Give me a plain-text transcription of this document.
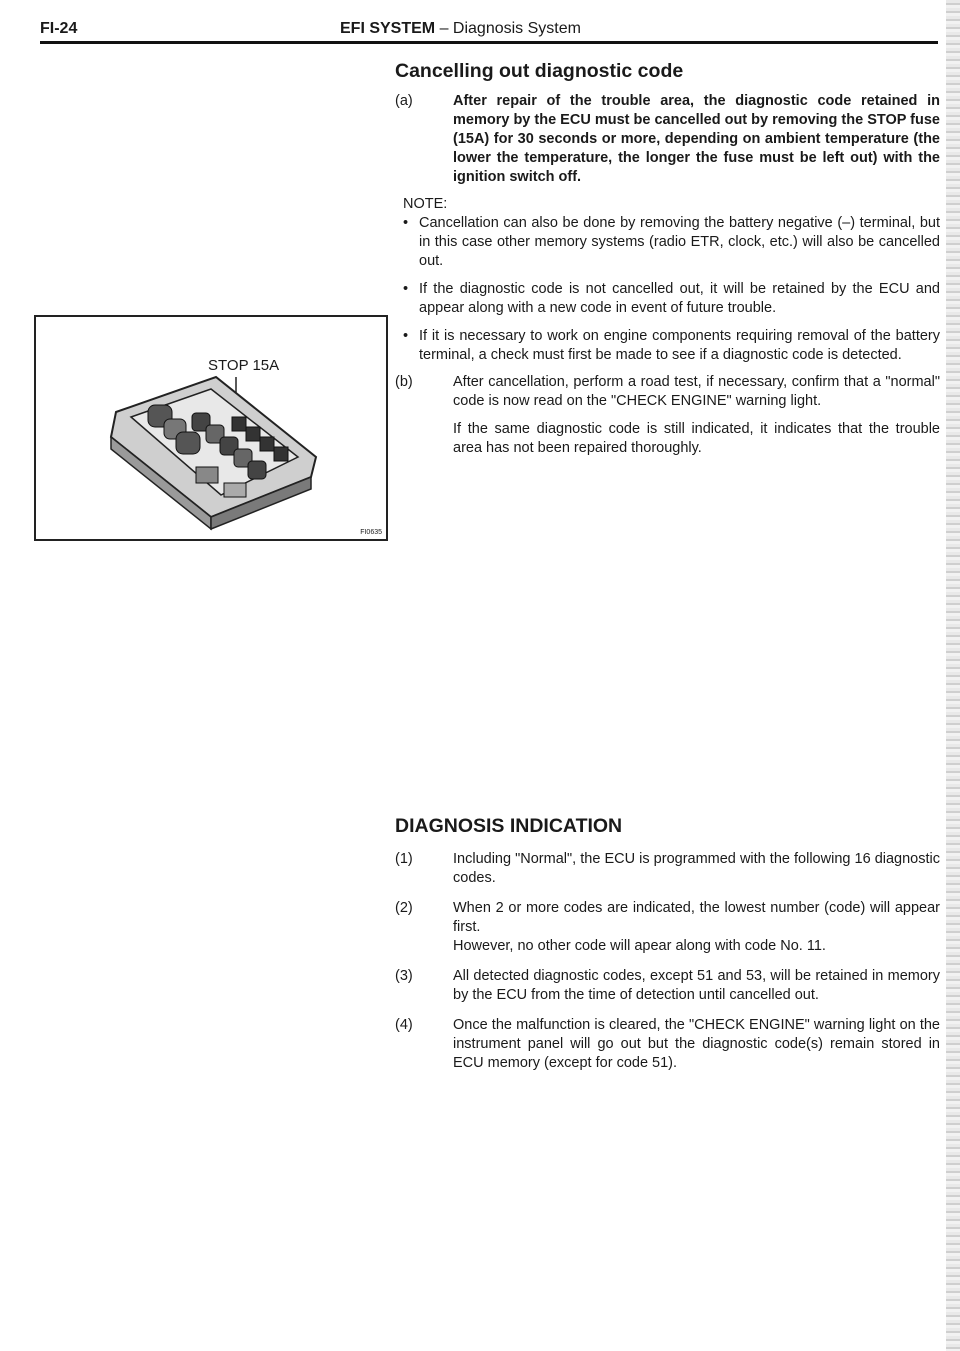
FI-24	EFI SYSTEM – Diagnosis System
STOP 15A
FI0635
Cancelling out diagnostic code
(a)	After repair of the trouble area, the diagnostic code retained in memory by the ECU must be cancelled out by removing the STOP fuse (15A) for 30 seconds or more, depending on ambient temperature (the lower the temperature, the longer the fuse must be left out) with the ignition switch off.
NOTE:
• Cancellation can also be done by removing the battery negative (–) terminal, but in this case other memory systems (radio ETR, clock, etc.) will also be cancelled out.
• If the diagnostic code is not cancelled out, it will be retained by the ECU and appear along with a new code in event of future trouble.
• If it is necessary to work on engine components requiring removal of the battery terminal, a check must first be made to see if a diagnostic code is detected.
(b)	After cancellation, perform a road test, if necessary, confirm that a "normal" code is now read on the "CHECK ENGINE" warning light.
If the same diagnostic code is still indicated, it indicates that the trouble area has not been repaired thoroughly.
DIAGNOSIS INDICATION
(1)	Including "Normal", the ECU is programmed with the following 16 diagnostic codes.
(2)	When 2 or more codes are indicated, the lowest number (code) will appear first.
However, no other code will apear along with code No. 11.
(3)	All detected diagnostic codes, except 51 and 53, will be retained in memory by the ECU from the time of detection until cancelled out.
(4)	Once the malfunction is cleared, the "CHECK ENGINE" warning light on the instrument panel will go out but the diagnostic code(s) remain stored in ECU memory (except for code 51).
